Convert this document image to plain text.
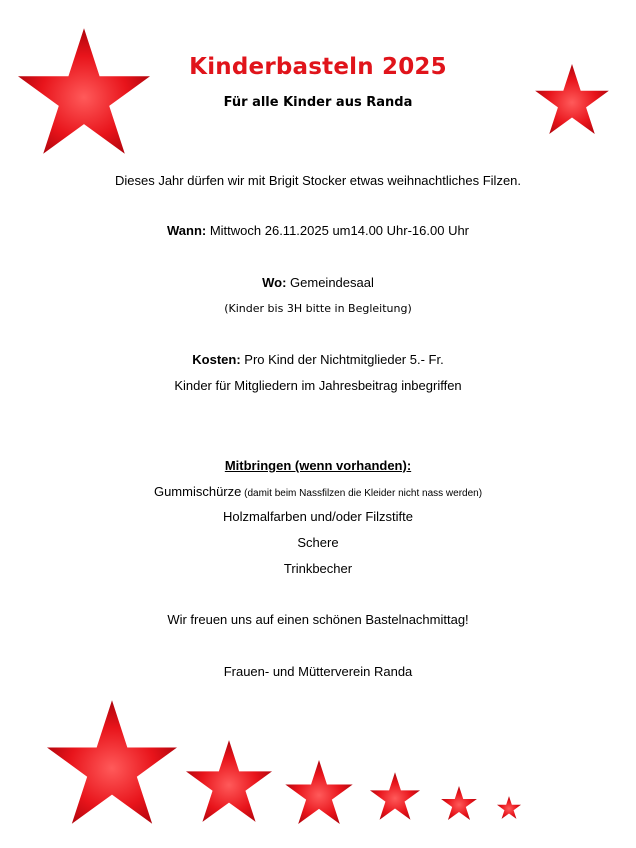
Kinderbasteln 2025
Für alle Kinder aus Randa
Dieses Jahr dürfen wir mit Brigit Stocker etwas weihnachtliches Filzen.
Wann: Mittwoch 26.11.2025 um14.00 Uhr-16.00 Uhr
Wo: Gemeindesaal
(Kinder bis 3H bitte in Begleitung)
Kosten: Pro Kind der Nichtmitglieder 5.- Fr.
Kinder für Mitgliedern im Jahresbeitrag inbegriffen
Mitbringen (wenn vorhanden):
Gummischürze (damit beim Nassfilzen die Kleider nicht nass werden)
Holzmalfarben und/oder Filzstifte
Schere
Trinkbecher
Wir freuen uns auf einen schönen Bastelnachmittag!
Frauen- und Mütterverein Randa
